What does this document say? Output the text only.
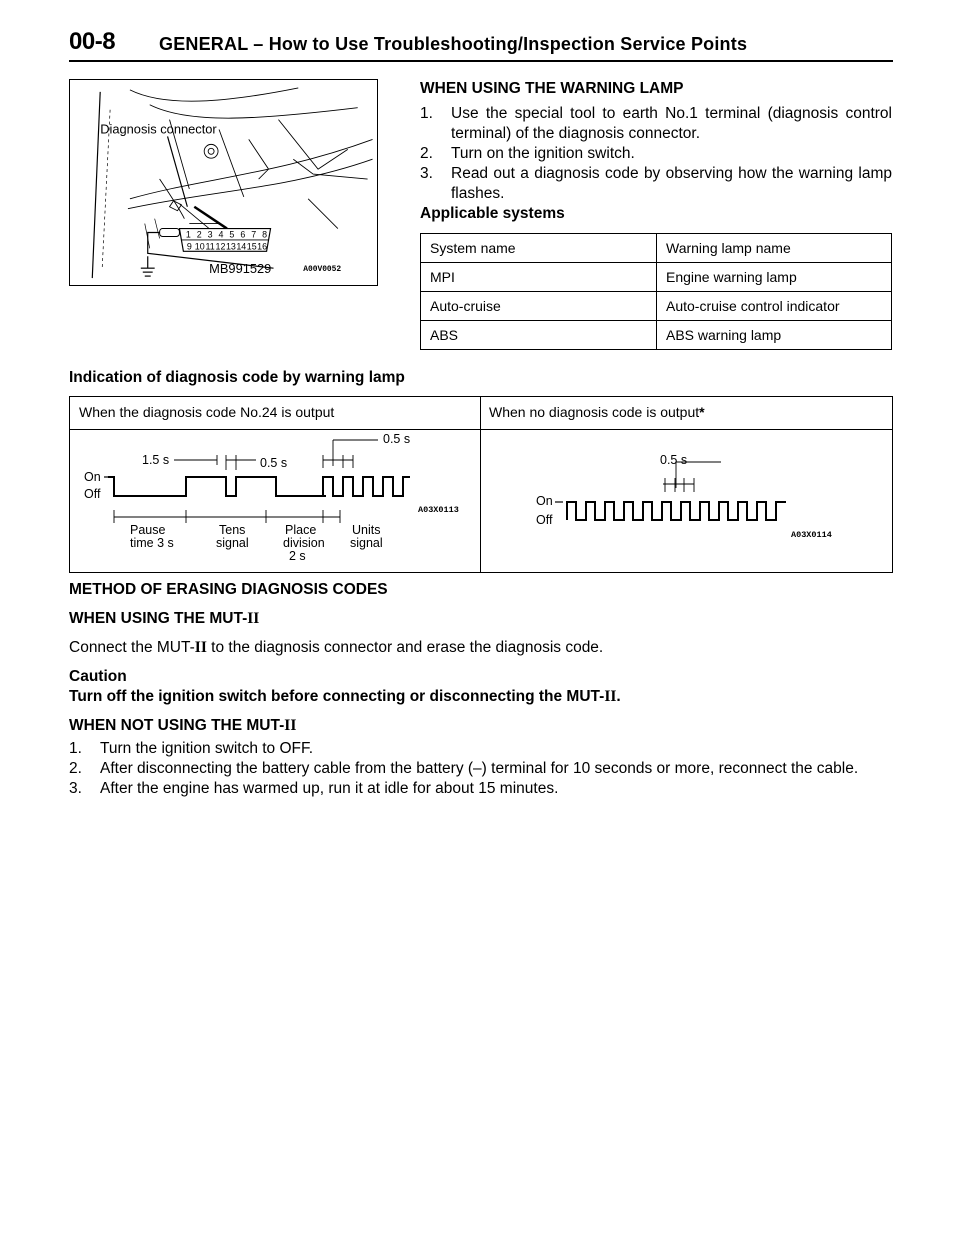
00-8 GENERAL – How to Use Troubleshooting/Inspection Service Points
1 2 3 4 5 6 7 8
9 10 11 12 13 14 15 16
Diagnosis connector
MB991529	A00V0052
WHEN USING THE WARNING LAMP
1. Use the special tool to earth No.1 terminal (diagnosis control terminal) of the diagnosis connector.
2. Turn on the ignition switch.
3. Read out a diagnosis code by observing how the warning lamp flashes.
Applicable systems
System name	Warning lamp name
MPI	Engine warning lamp
Auto-cruise	Auto-cruise control indicator
ABS	ABS warning lamp
Indication of diagnosis code by warning lamp
When the diagnosis code No.24 is output	When no diagnosis code is output*
On
Off
1.5 s	0.5 s
0.5 s
Pause
time 3 s
Tens
signal
Place
division
2 s
Units
signal
A03X0113
On
Off
0.5 s
A03X0114

METHOD OF ERASING DIAGNOSIS CODES

WHEN USING THE MUT-II

Connect the MUT-II to the diagnosis connector and erase the diagnosis code.

Caution

Turn off the ignition switch before connecting or disconnecting the MUT-II.

WHEN NOT USING THE MUT-II

1. Turn the ignition switch to OFF.
2. After disconnecting the battery cable from the battery (–) terminal for 10 seconds or more, reconnect the cable.
3. After the engine has warmed up, run it at idle for about 15 minutes.
